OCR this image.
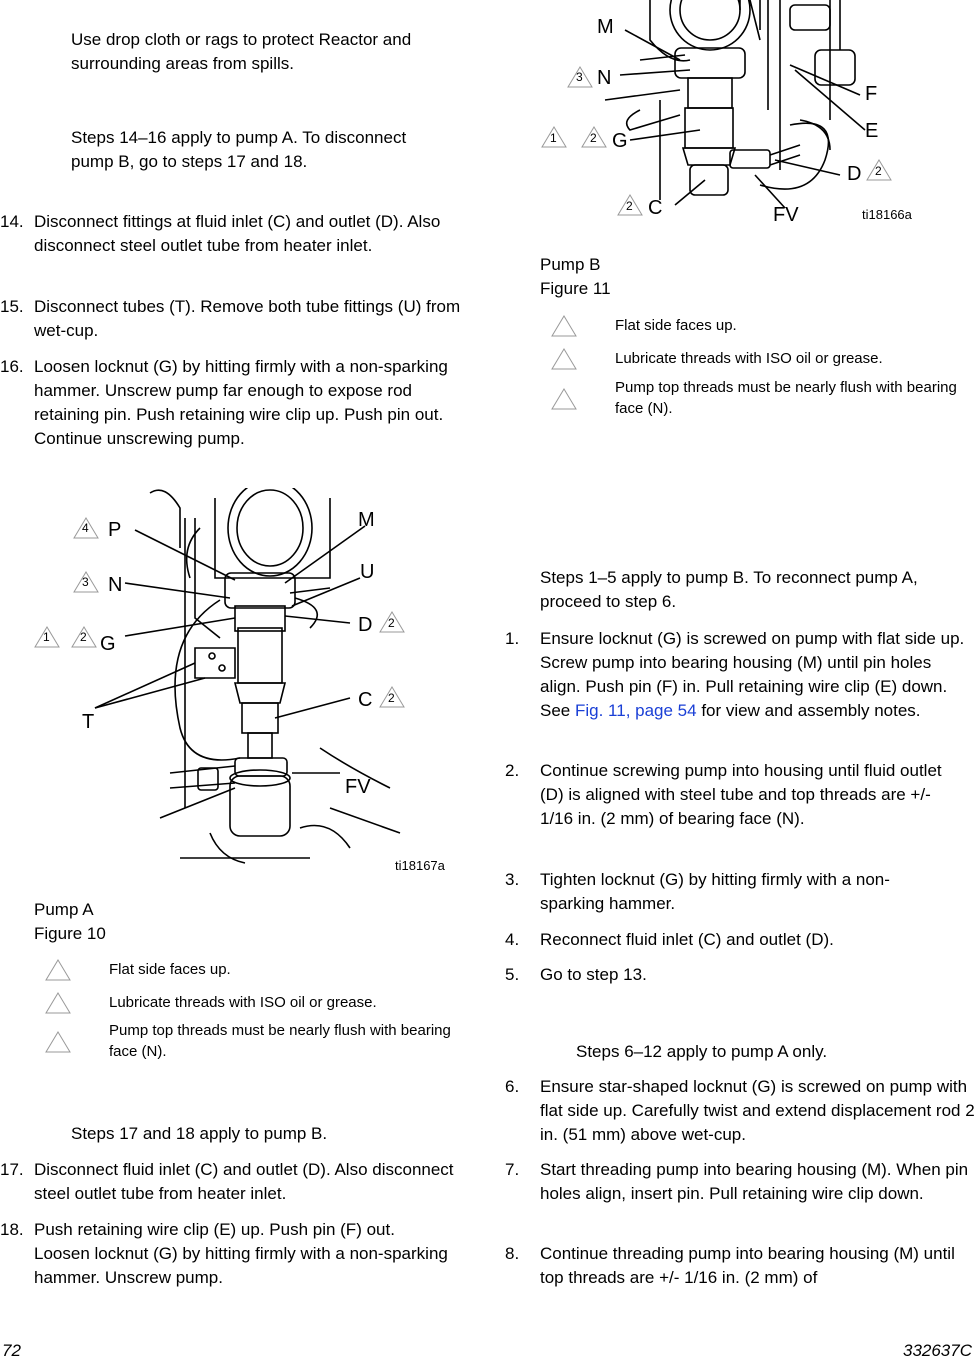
Use drop cloth or rags to protect Reactor and surrounding areas from spills.
Steps 14–16 apply to pump A. To disconnect pump B, go to steps 17 and 18.
14. Disconnect fittings at fluid inlet (C) and outlet (D). Also disconnect steel outlet tube from heater inlet.
15. Disconnect tubes (T). Remove both tube fittings (U) from wet-cup.
16. Loosen locknut (G) by hitting firmly with a non-sparking hammer. Unscrew pump far enough to expose rod retaining pin. Push retaining wire clip up. Push pin out. Continue unscrewing pump.
4 P
3 N
1	2 G
T
M
U
D 2
C 2
FV
ti18167a
Pump A
Figure 10
1	Flat side faces up.
2	Lubricate threads with ISO oil or grease.
3
Pump top threads must be nearly flush with bearing face (N).
Steps 17 and 18 apply to pump B.
17. Disconnect fluid inlet (C) and outlet (D). Also disconnect steel outlet tube from heater inlet.
18. Push retaining wire clip (E) up. Push pin (F) out. Loosen locknut (G) by hitting firmly with a non-sparking hammer. Unscrew pump.
M
3 N
F
E
1	2 G
D 2
2 C	FV	ti18166a
Pump B
Figure 11
1	Flat side faces up.
2	Lubricate threads with ISO oil or grease.
3
Pump top threads must be nearly flush with bearing face (N).
Steps 1–5 apply to pump B. To reconnect pump A, proceed to step 6.
1. Ensure locknut (G) is screwed on pump with flat side up. Screw pump into bearing housing (M) until pin holes align. Push pin (F) in. Pull retaining wire clip (E) down. See Fig. 11, page 54 for view and assembly notes.
2. Continue screwing pump into housing until fluid outlet (D) is aligned with steel tube and top threads are +/- 1/16 in. (2 mm) of bearing face (N).
3. Tighten locknut (G) by hitting firmly with a non-sparking hammer.
4. Reconnect fluid inlet (C) and outlet (D).
5. Go to step 13.
Steps 6–12 apply to pump A only.
6. Ensure star-shaped locknut (G) is screwed on pump with flat side up. Carefully twist and extend displacement rod 2 in. (51 mm) above wet-cup.
7. Start threading pump into bearing housing (M). When pin holes align, insert pin. Pull retaining wire clip down.
8. Continue threading pump into bearing housing (M) until top threads are +/- 1/16 in. (2 mm) of
72	332637C
